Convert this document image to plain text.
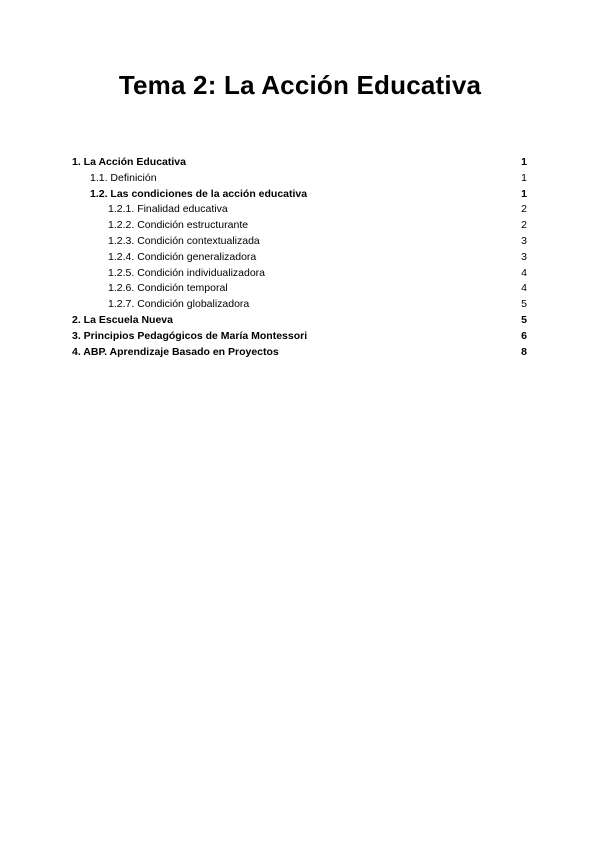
Tema 2: La Acción Educativa
1. La Acción Educativa	1
1.1. Definición	1
1.2. Las condiciones de la acción educativa	1
1.2.1. Finalidad educativa	2
1.2.2. Condición estructurante	2
1.2.3. Condición contextualizada	3
1.2.4. Condición generalizadora	3
1.2.5. Condición individualizadora	4
1.2.6. Condición temporal	4
1.2.7. Condición globalizadora	5
2. La Escuela Nueva	5
3. Principios Pedagógicos de María Montessori	6
4. ABP. Aprendizaje Basado en Proyectos	8
